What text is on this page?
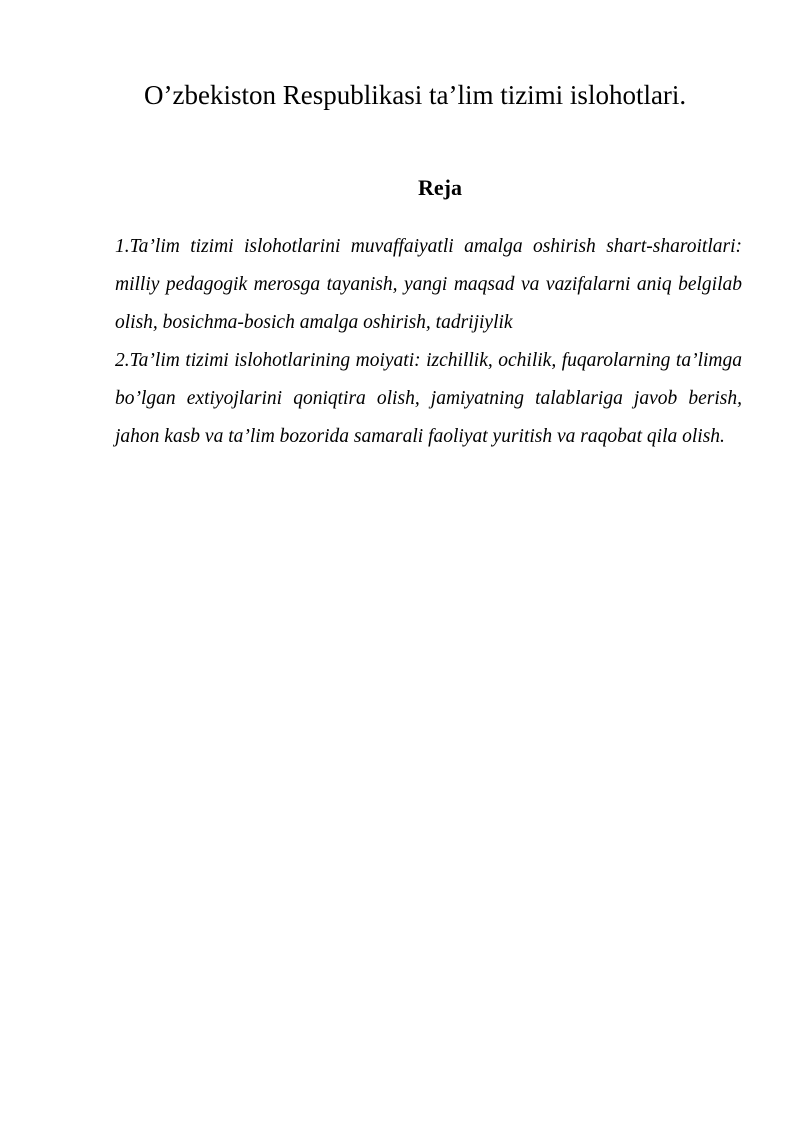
O’zbekiston Respublikasi ta’lim tizimi islohotlari.
Reja

1.Ta’lim tizimi islohotlarini muvaffaiyatli amalga oshirish shart-sharoitlari: milliy pedagogik merosga tayanish, yangi maqsad va vazifalarni aniq belgilab olish, bosichma-bosich amalga oshirish, tadrijiylik

2.Ta’lim tizimi islohotlarining moiyati: izchillik, ochilik, fuqarolarning ta’limga bo’lgan extiyojlarini qoniqtira olish, jamiyatning talablariga javob berish, jahon kasb va ta’lim bozorida samarali faoliyat yuritish va raqobat qila olish.
